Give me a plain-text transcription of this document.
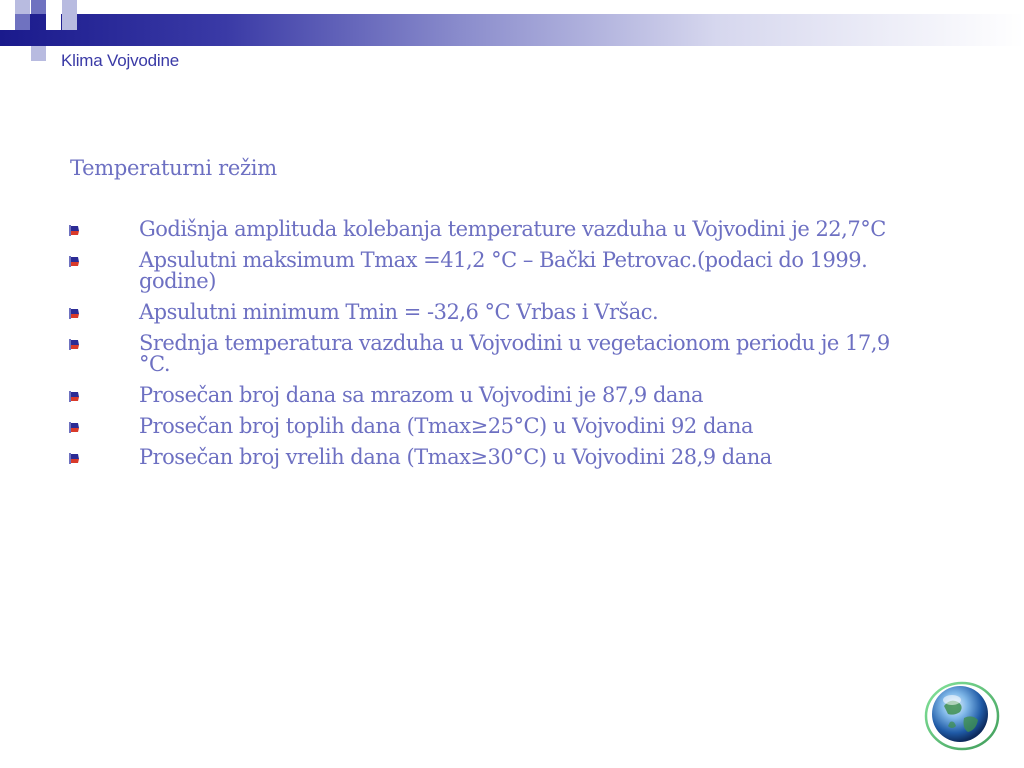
Klima Vojvodine

Temperaturni režim
Godišnja amplituda kolebanja temperature vazduha u Vojvodini je 22,7°C
Apsulutni maksimum Tmax =41,2 °C – Bački Petrovac.(podaci do 1999. godine)
Apsulutni minimum Tmin = -32,6 °C Vrbas i Vršac.
Srednja temperatura vazduha u Vojvodini u vegetacionom periodu je 17,9 °C.
Prosečan broj dana sa mrazom u Vojvodini je 87,9 dana
Prosečan broj toplih dana (Tmax≥25°C) u Vojvodini 92 dana
Prosečan broj vrelih dana (Tmax≥30°C) u Vojvodini 28,9 dana
